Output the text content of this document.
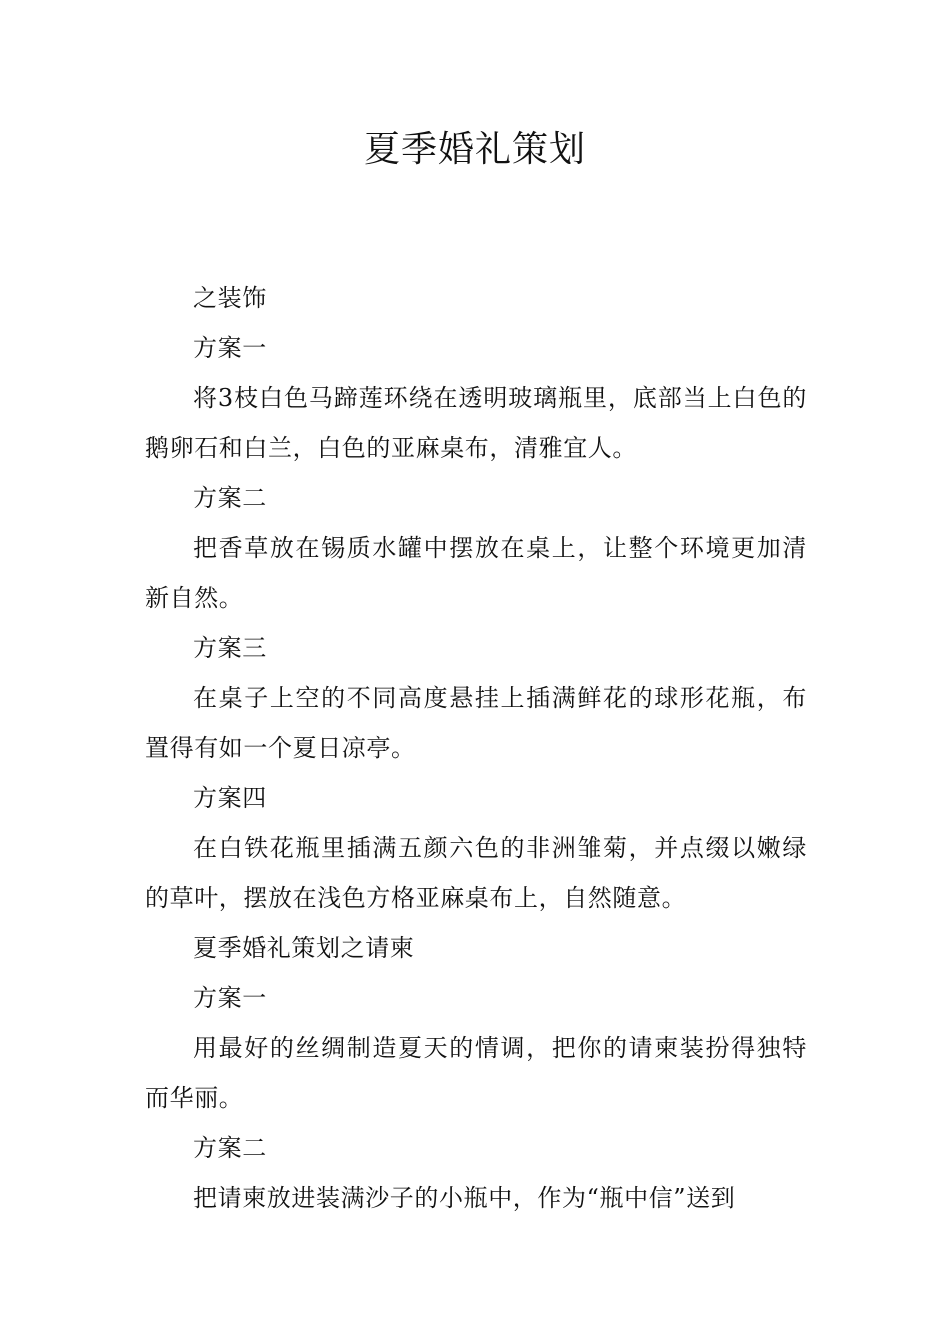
夏季婚礼策划

之装饰

方案一

将3枝白色马蹄莲环绕在透明玻璃瓶里，底部当上白色的鹅卵石和白兰，白色的亚麻桌布，清雅宜人。

方案二

把香草放在锡质水罐中摆放在桌上，让整个环境更加清新自然。

方案三

在桌子上空的不同高度悬挂上插满鲜花的球形花瓶，布置得有如一个夏日凉亭。

方案四

在白铁花瓶里插满五颜六色的非洲雏菊，并点缀以嫩绿的草叶，摆放在浅色方格亚麻桌布上，自然随意。

夏季婚礼策划之请柬

方案一

用最好的丝绸制造夏天的情调，把你的请柬装扮得独特而华丽。

方案二

把请柬放进装满沙子的小瓶中，作为“瓶中信”送到
